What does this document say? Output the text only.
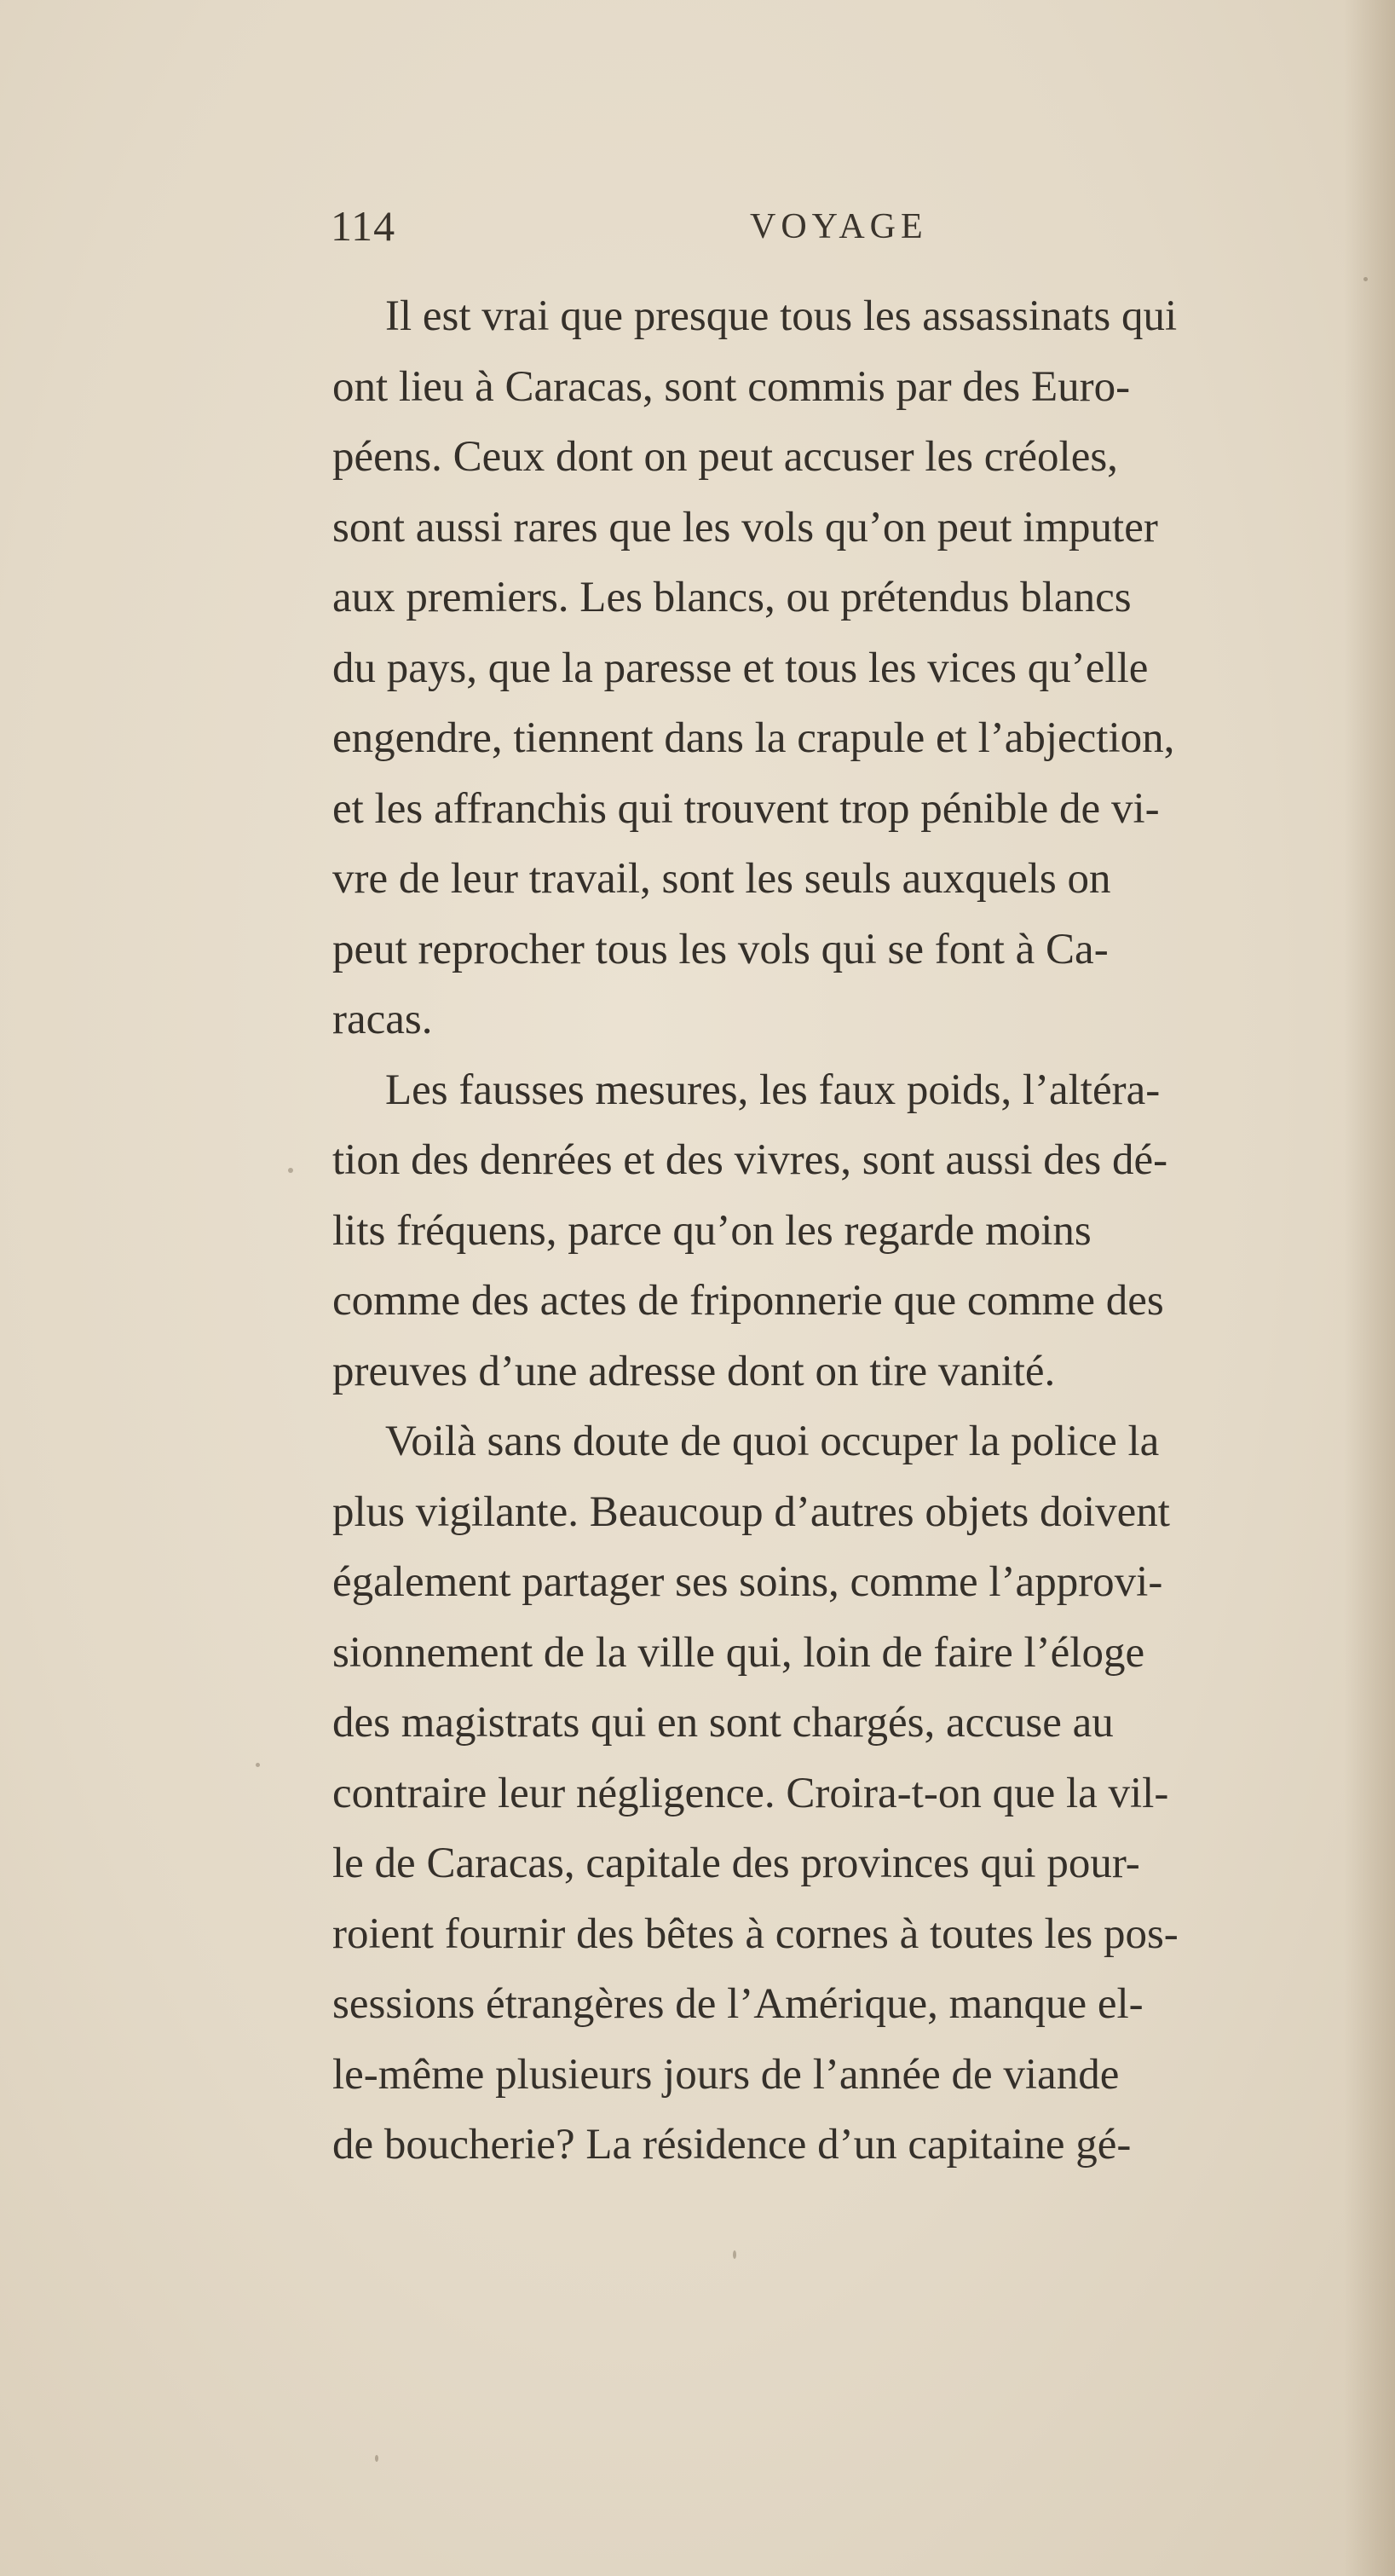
114	VOYAGE
Il est vrai que presque tous les assassinats qui
ont lieu à Caracas, sont commis par des Euro-
péens. Ceux dont on peut accuser les créoles,
sont aussi rares que les vols qu’on peut imputer
aux premiers. Les blancs, ou prétendus blancs
du pays, que la paresse et tous les vices qu’elle
engendre, tiennent dans la crapule et l’abjection,
et les affranchis qui trouvent trop pénible de vi-
vre de leur travail, sont les seuls auxquels on
peut reprocher tous les vols qui se font à Ca-
racas.
Les fausses mesures, les faux poids, l’altéra-
tion des denrées et des vivres, sont aussi des dé-
lits fréquens, parce qu’on les regarde moins
comme des actes de friponnerie que comme des
preuves d’une adresse dont on tire vanité.
Voilà sans doute de quoi occuper la police la
plus vigilante. Beaucoup d’autres objets doivent
également partager ses soins, comme l’approvi-
sionnement de la ville qui, loin de faire l’éloge
des magistrats qui en sont chargés, accuse au
contraire leur négligence. Croira-t-on que la vil-
le de Caracas, capitale des provinces qui pour-
roient fournir des bêtes à cornes à toutes les pos-
sessions étrangères de l’Amérique, manque el-
le-même plusieurs jours de l’année de viande
de boucherie? La résidence d’un capitaine gé-
